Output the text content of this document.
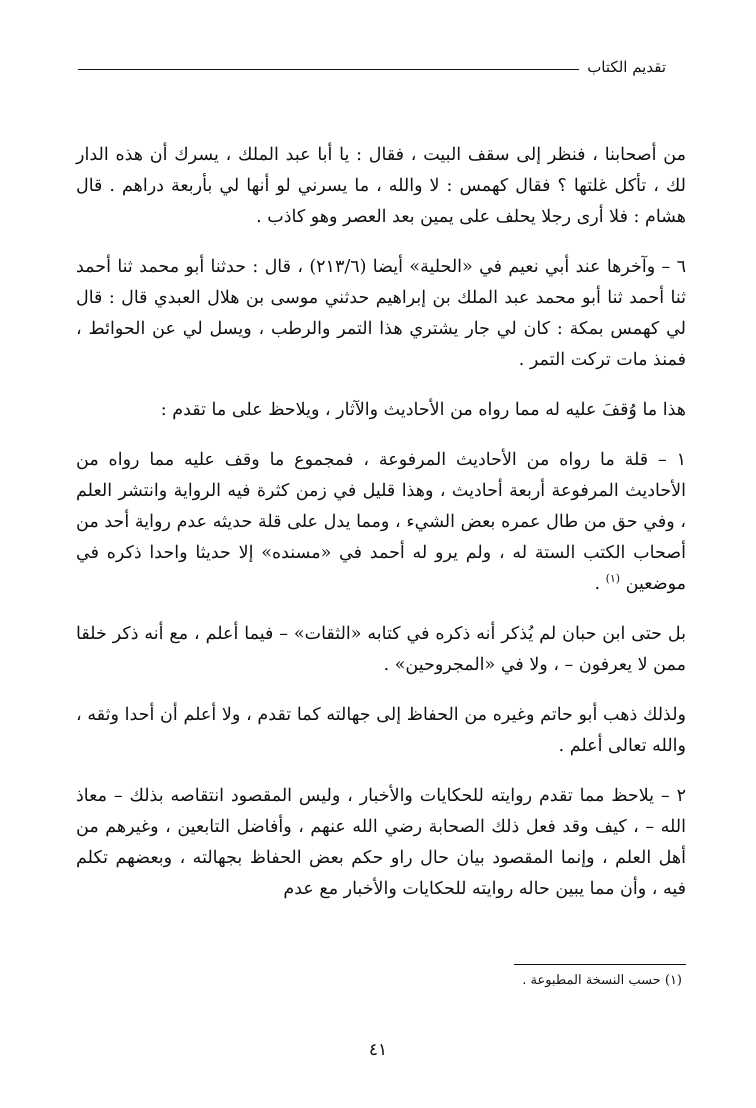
تقديم الكتاب

من أصحابنا ، فنظر إلى سقف البيت ، فقال : يا أبا عبد الملك ، يسرك أن هذه الدار لك ، تأكل غلتها ؟ فقال كهمس : لا والله ، ما يسرني لو أنها لي بأربعة دراهم . قال هشام : فلا أرى رجلا يحلف على يمين بعد العصر وهو كاذب .

٦ – وآخرها عند أبي نعيم في «الحلية» أيضا (٢١٣/٦) ، قال : حدثنا أبو محمد ثنا أحمد ثنا أحمد ثنا أبو محمد عبد الملك بن إبراهيم حدثني موسى بن هلال العبدي قال : قال لي كهمس بمكة : كان لي جار يشتري هذا التمر والرطب ، ويسل لي عن الحوائط ، فمنذ مات تركت التمر .

هذا ما وُقفَ عليه له مما رواه من الأحاديث والآثار ، ويلاحظ على ما تقدم :

١ – قلة ما رواه من الأحاديث المرفوعة ، فمجموع ما وقف عليه مما رواه من الأحاديث المرفوعة أربعة أحاديث ، وهذا قليل في زمن كثرة فيه الرواية وانتشر العلم ، وفي حق من طال عمره بعض الشيء ، ومما يدل على قلة حديثه عدم رواية أحد من أصحاب الكتب الستة له ، ولم يرو له أحمد في «مسنده» إلا حديثا واحدا ذكره في موضعين $^{(١)}$ .

بل حتى ابن حبان لم يُذكر أنه ذكره في كتابه «الثقات» – فيما أعلم ، مع أنه ذكر خلقا ممن لا يعرفون – ، ولا في «المجروحين» .

ولذلك ذهب أبو حاتم وغيره من الحفاظ إلى جهالته كما تقدم ، ولا أعلم أن أحدا وثقه ، والله تعالى أعلم .

٢ – يلاحظ مما تقدم روايته للحكايات والأخبار ، وليس المقصود انتقاصه بذلك – معاذ الله – ، كيف وقد فعل ذلك الصحابة رضي الله عنهم ، وأفاضل التابعين ، وغيرهم من أهل العلم ، وإنما المقصود بيان حال راو حكم بعض الحفاظ بجهالته ، وبعضهم تكلم فيه ، وأن مما يبين حاله روايته للحكايات والأخبار مع عدم

(١) حسب النسخة المطبوعة .
٤١
